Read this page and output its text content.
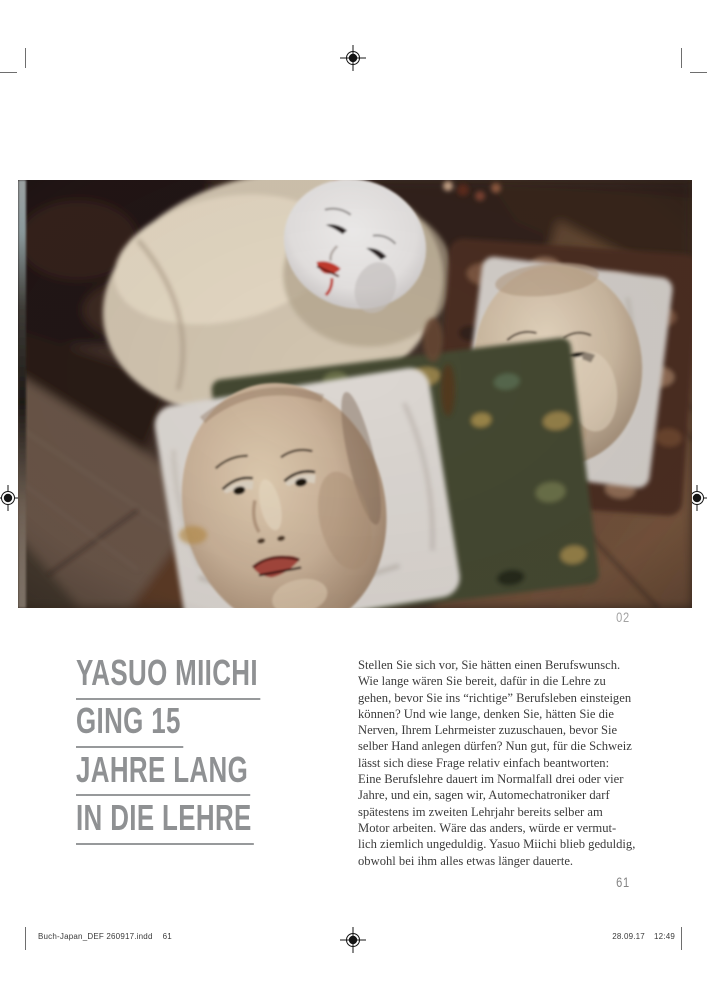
02
YASUO MIICHI
GING 15
JAHRE LANG
IN DIE LEHRE
Stellen Sie sich vor, Sie hätten einen Berufswunsch.
Wie lange wären Sie bereit, dafür in die Lehre zu
gehen, bevor Sie ins “richtige” Berufsleben einsteigen
können? Und wie lange, denken Sie, hätten Sie die
Nerven, Ihrem Lehrmeister zuzuschauen, bevor Sie
selber Hand anlegen dürfen? Nun gut, für die Schweiz
lässt sich diese Frage relativ einfach beantworten:
Eine Berufslehre dauert im Normalfall drei oder vier
Jahre, und ein, sagen wir, Automechatroniker darf
spätestens im zweiten Lehrjahr bereits selber am
Motor arbeiten. Wäre das anders, würde er vermut-
lich ziemlich ungeduldig. Yasuo Miichi blieb geduldig,
obwohl bei ihm alles etwas länger dauerte.
61
Buch-Japan_DEF 260917.indd 61	28.09.17 12:49
